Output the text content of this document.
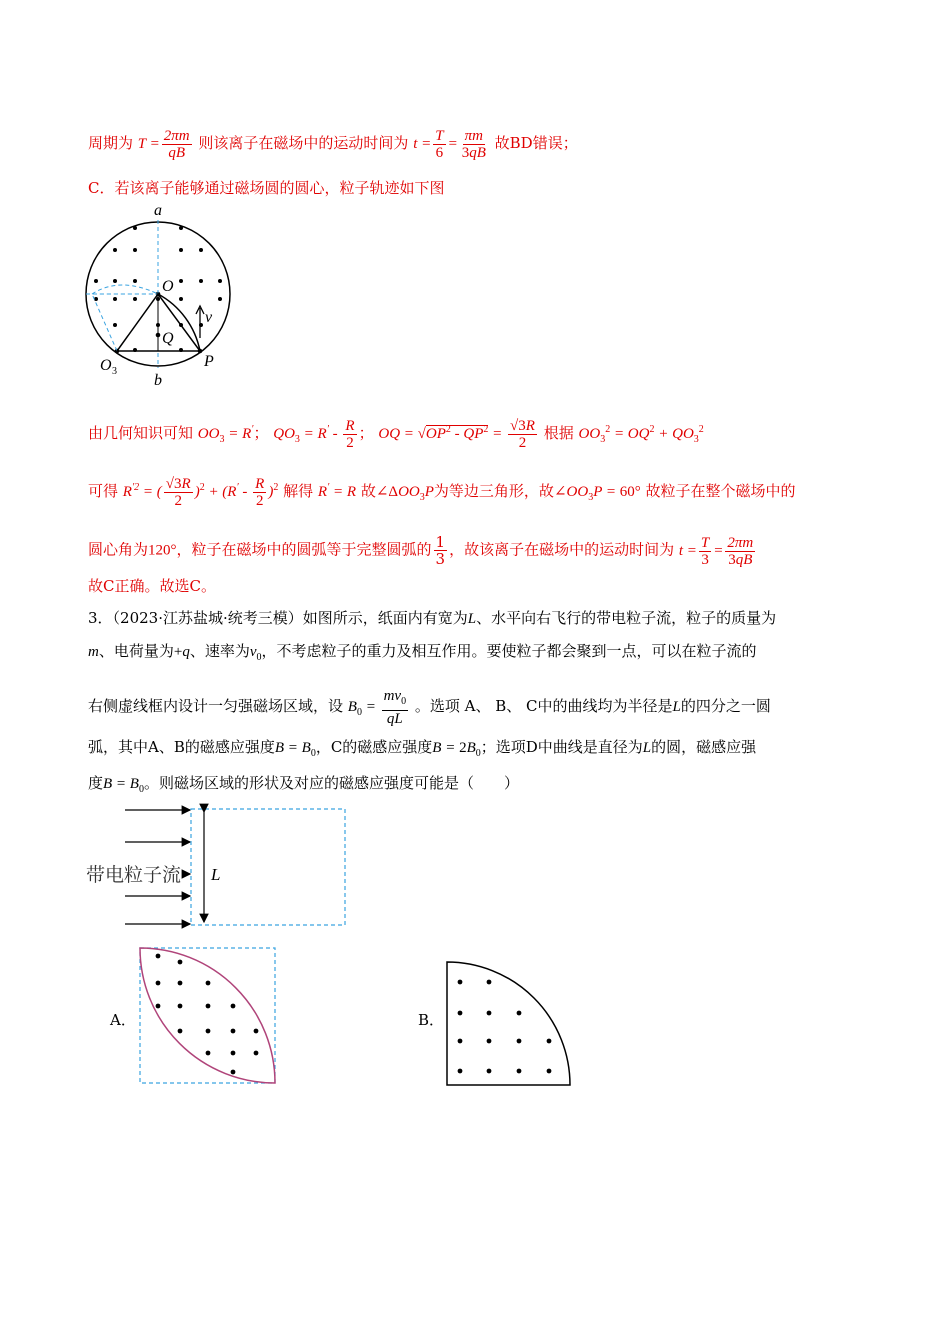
周期为 $T = \frac{2\pi m}{qB}$ 则该离子在磁场中的运动时间为 $t = \frac{T}{6} = \frac{\pi m}{3qB}$ 故BD错误；
C．若该离子能够通过磁场圆的圆心，粒子轨迹如下图
a
b
O
Q
P
v
O 3
由几何知识可知 $OO_3 = R'$； $QO_3 = R' - \frac{R}{2}$ ； OQ = $√OP^2 - QP^2 = \frac{√3R}{2}$ 根据 $OO_3^2 = OQ^2 + QO_3^2$
可得 $R^{'2}$ = ( $\frac{√3R}{2} )^2 + (R' - \frac{R}{2} )^2$ 解得 R′ = R 故$\angle\Delta OO_3P$为等边三角形，故$\angle OO_3P = 60^\circ$ 故粒子在整个磁场中的
圆心角为120°，粒子在磁场中的圆弧等于完整圆弧的 $\frac{1}{3}$ ，故该离子在磁场中的运动时间为 $t = \frac{T}{3} = \frac{2\pi m}{3qB}$
故C正确。故选C。
3．（2023·江苏盐城·统考三模）如图所示，纸面内有宽为L、水平向右飞行的带电粒子流，粒子的质量为
m、电荷量为+q、速率为$v_0$，不考虑粒子的重力及相互作用。要使粒子都会聚到一点，可以在粒子流的
右侧虚线框内设计一匀强磁场区域，设 $B_0 = \frac{mv_0}{qL}$ 。选项 A、 B、 C中的曲线均为半径是L的四分之一圆
弧，其中A、B的磁感应强度$B = B_0$，C的磁感应强度$B = 2B_0$；选项D中曲线是直径为L的圆，磁感应强
度$B = B_0$。则磁场区域的形状及对应的磁感应强度可能是（　　）
带电粒子流 L
A．	B．
